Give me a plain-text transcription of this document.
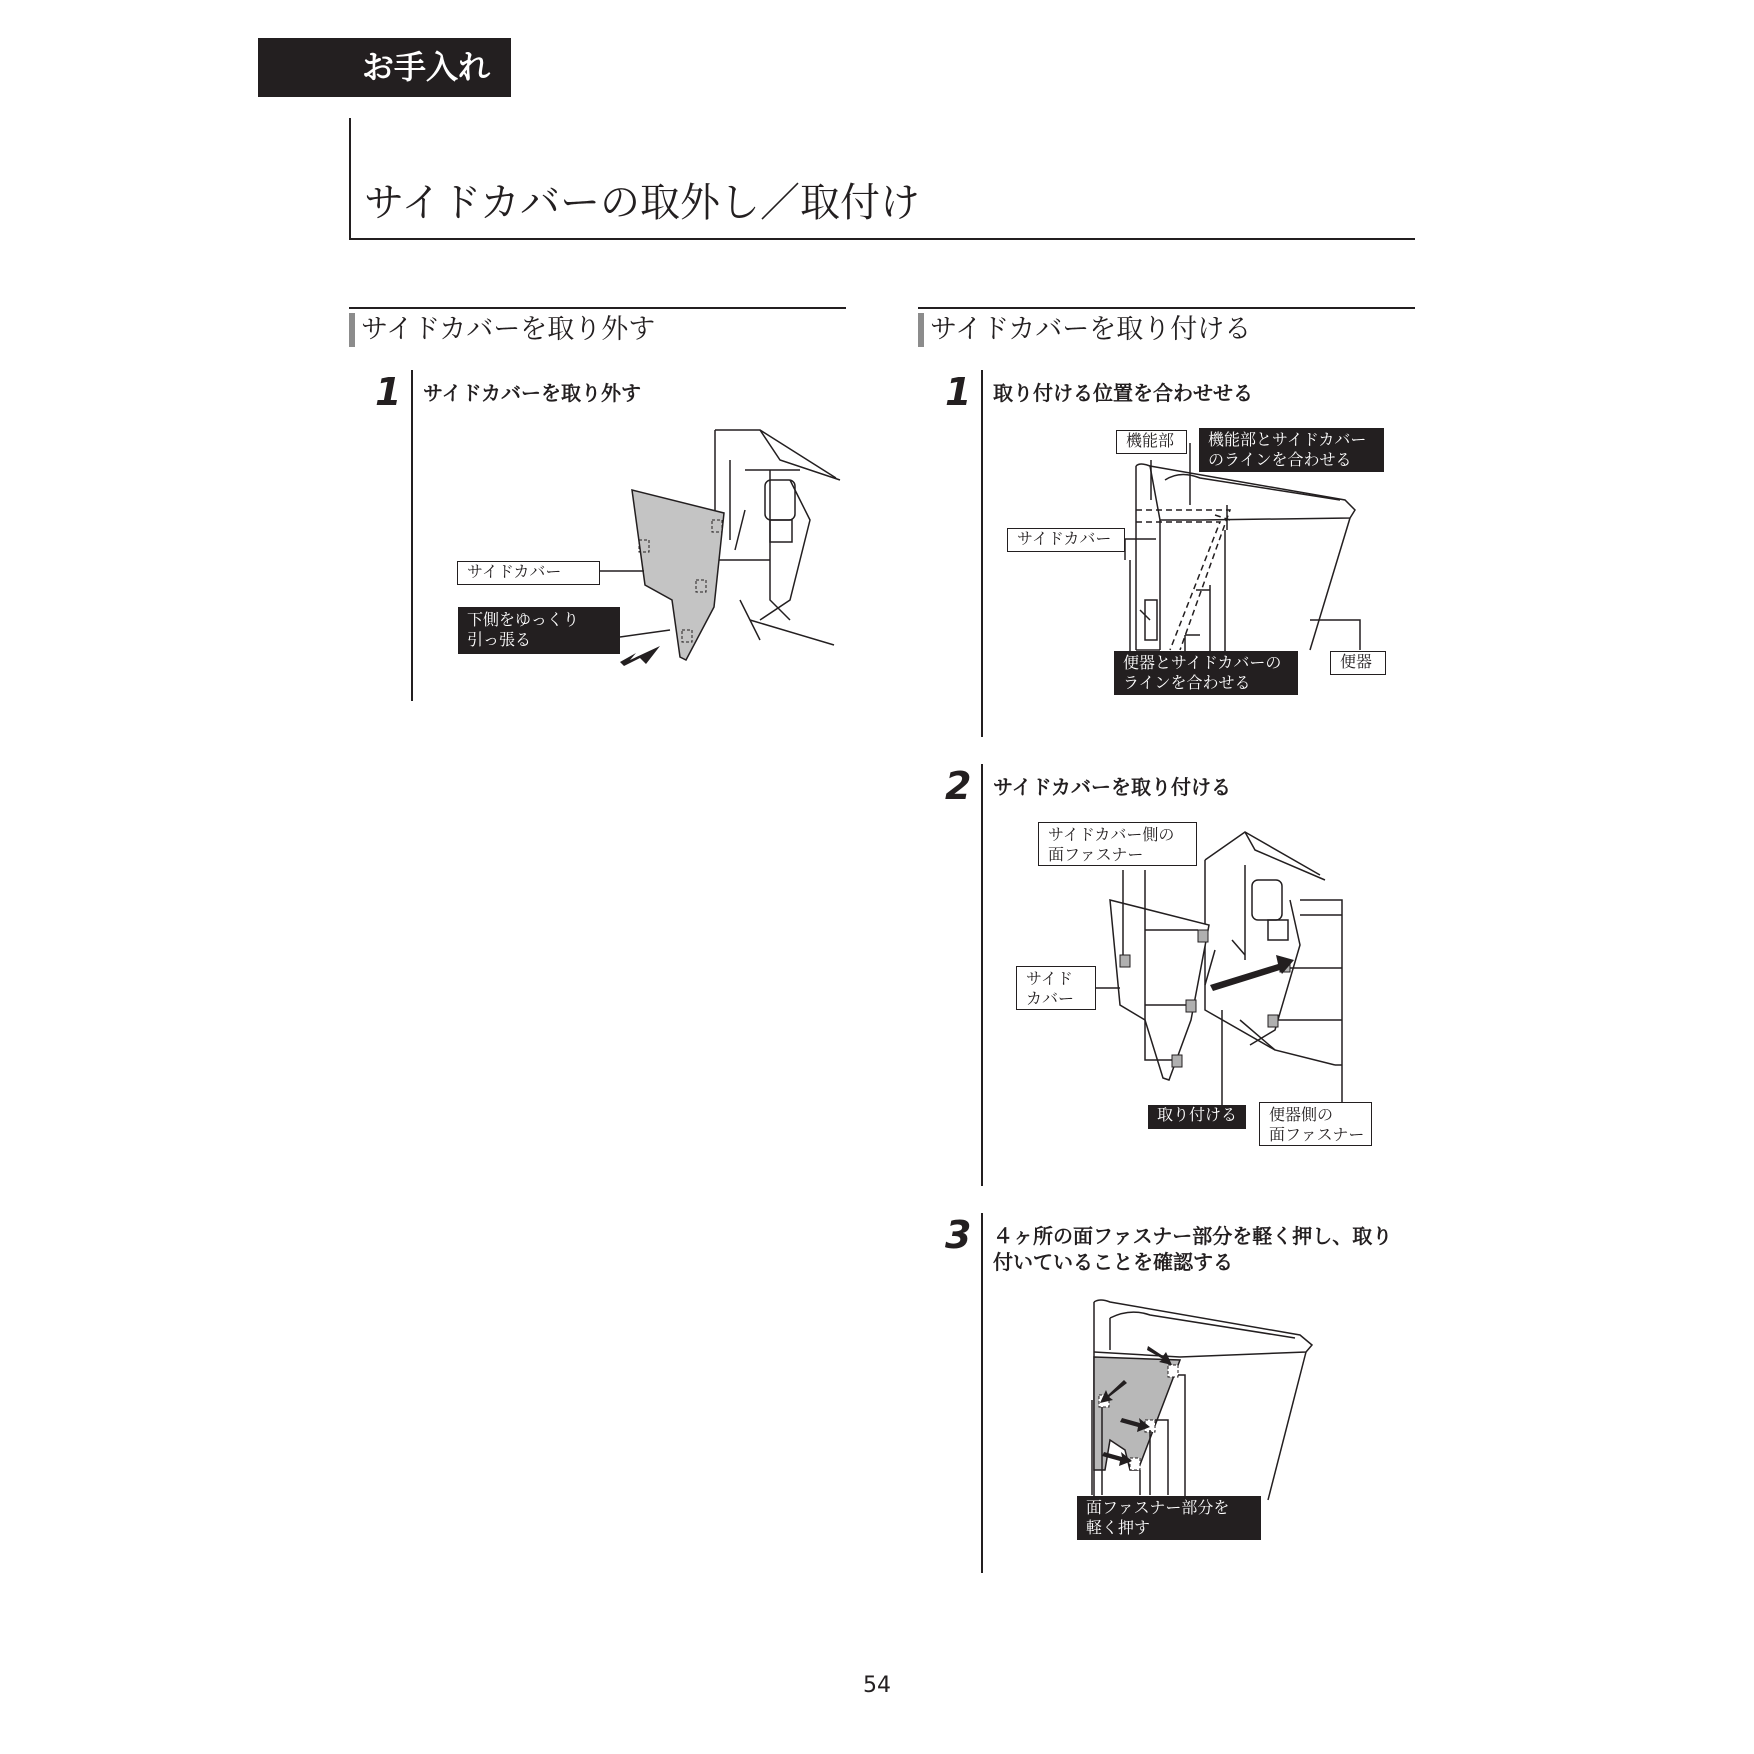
お手入れ
サイドカバーの取外し／取付け
サイドカバーを取り外す
1 サイドカバーを取り外す
サイドカバー
下側をゆっくり
引っ張る
サイドカバーを取り付ける
1 取り付ける位置を合わせせる
機能部	機能部とサイドカバー
のラインを合わせる
サイドカバー
便器とサイドカバーの
ラインを合わせる
便器
2 サイドカバーを取り付ける
サイドカバー側の
面ファスナー
サイド
カバー
取り付ける	便器側の
面ファスナー
3 ４ヶ所の面ファスナー部分を軽く押し、取り
付いていることを確認する
面ファスナー部分を
軽く押す
54
